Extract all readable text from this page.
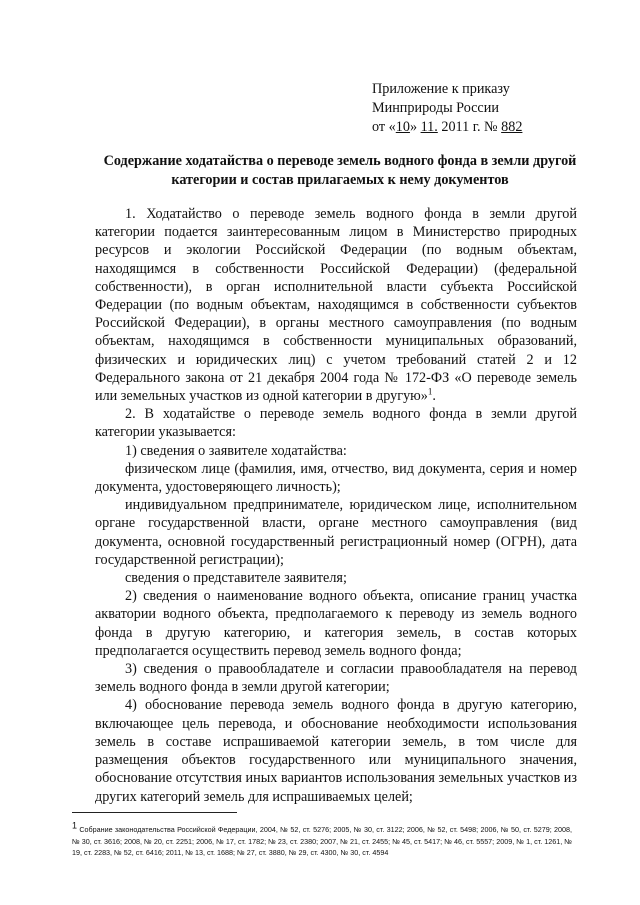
Приложение к приказу
Минприроды России
от «10» 11. 2011 г. № 882
Содержание ходатайства о переводе земель водного фонда в земли другой категории и состав прилагаемых к нему документов

1. Ходатайство о переводе земель водного фонда в земли другой категории подается заинтересованным лицом в Министерство природных ресурсов и экологии Российской Федерации (по водным объектам, находящимся в собственности Российской Федерации) (федеральной собственности), в орган исполнительной власти субъекта Российской Федерации (по водным объектам, находящимся в собственности субъектов Российской Федерации), в органы местного самоуправления (по водным объектам, находящимся в собственности муниципальных образований, физических и юридических лиц) с учетом требований статей 2 и 12 Федерального закона от 21 декабря 2004 года № 172-ФЗ «О переводе земель или земельных участков из одной категории в другую»$^1$.

2. В ходатайстве о переводе земель водного фонда в земли другой категории указывается:

1) сведения о заявителе ходатайства:

физическом лице (фамилия, имя, отчество, вид документа, серия и номер документа, удостоверяющего личность);

индивидуальном предпринимателе, юридическом лице, исполнительном органе государственной власти, органе местного самоуправления (вид документа, основной государственный регистрационный номер (ОГРН), дата государственной регистрации);

сведения о представителе заявителя;

2) сведения о наименование водного объекта, описание границ участка акватории водного объекта, предполагаемого к переводу из земель водного фонда в другую категорию, и категория земель, в состав которых предполагается осуществить перевод земель водного фонда;

3) сведения о правообладателе и согласии правообладателя на перевод земель водного фонда в земли другой категории;

4) обоснование перевода земель водного фонда в другую категорию, включающее цель перевода, и обоснование необходимости использования земель в составе испрашиваемой категории земель, в том числе для размещения объектов государственного или муниципального значения, обоснование отсутствия иных вариантов использования земельных участков из других категорий земель для испрашиваемых целей;

$^1$ Собрание законодательства Российской Федерации, 2004, № 52, ст. 5276; 2005, № 30, ст. 3122; 2006, № 52, ст. 5498; 2006, № 50, ст. 5279; 2008, № 30, ст. 3616; 2008, № 20, ст. 2251; 2006, № 17, ст. 1782; № 23, ст. 2380; 2007, № 21, ст. 2455; № 45, ст. 5417; № 46, ст. 5557; 2009, № 1, ст. 1261, № 19, ст. 2283, № 52, ст. 6416; 2011, № 13, ст. 1688; № 27, ст. 3880, № 29, ст. 4300, № 30, ст. 4594
